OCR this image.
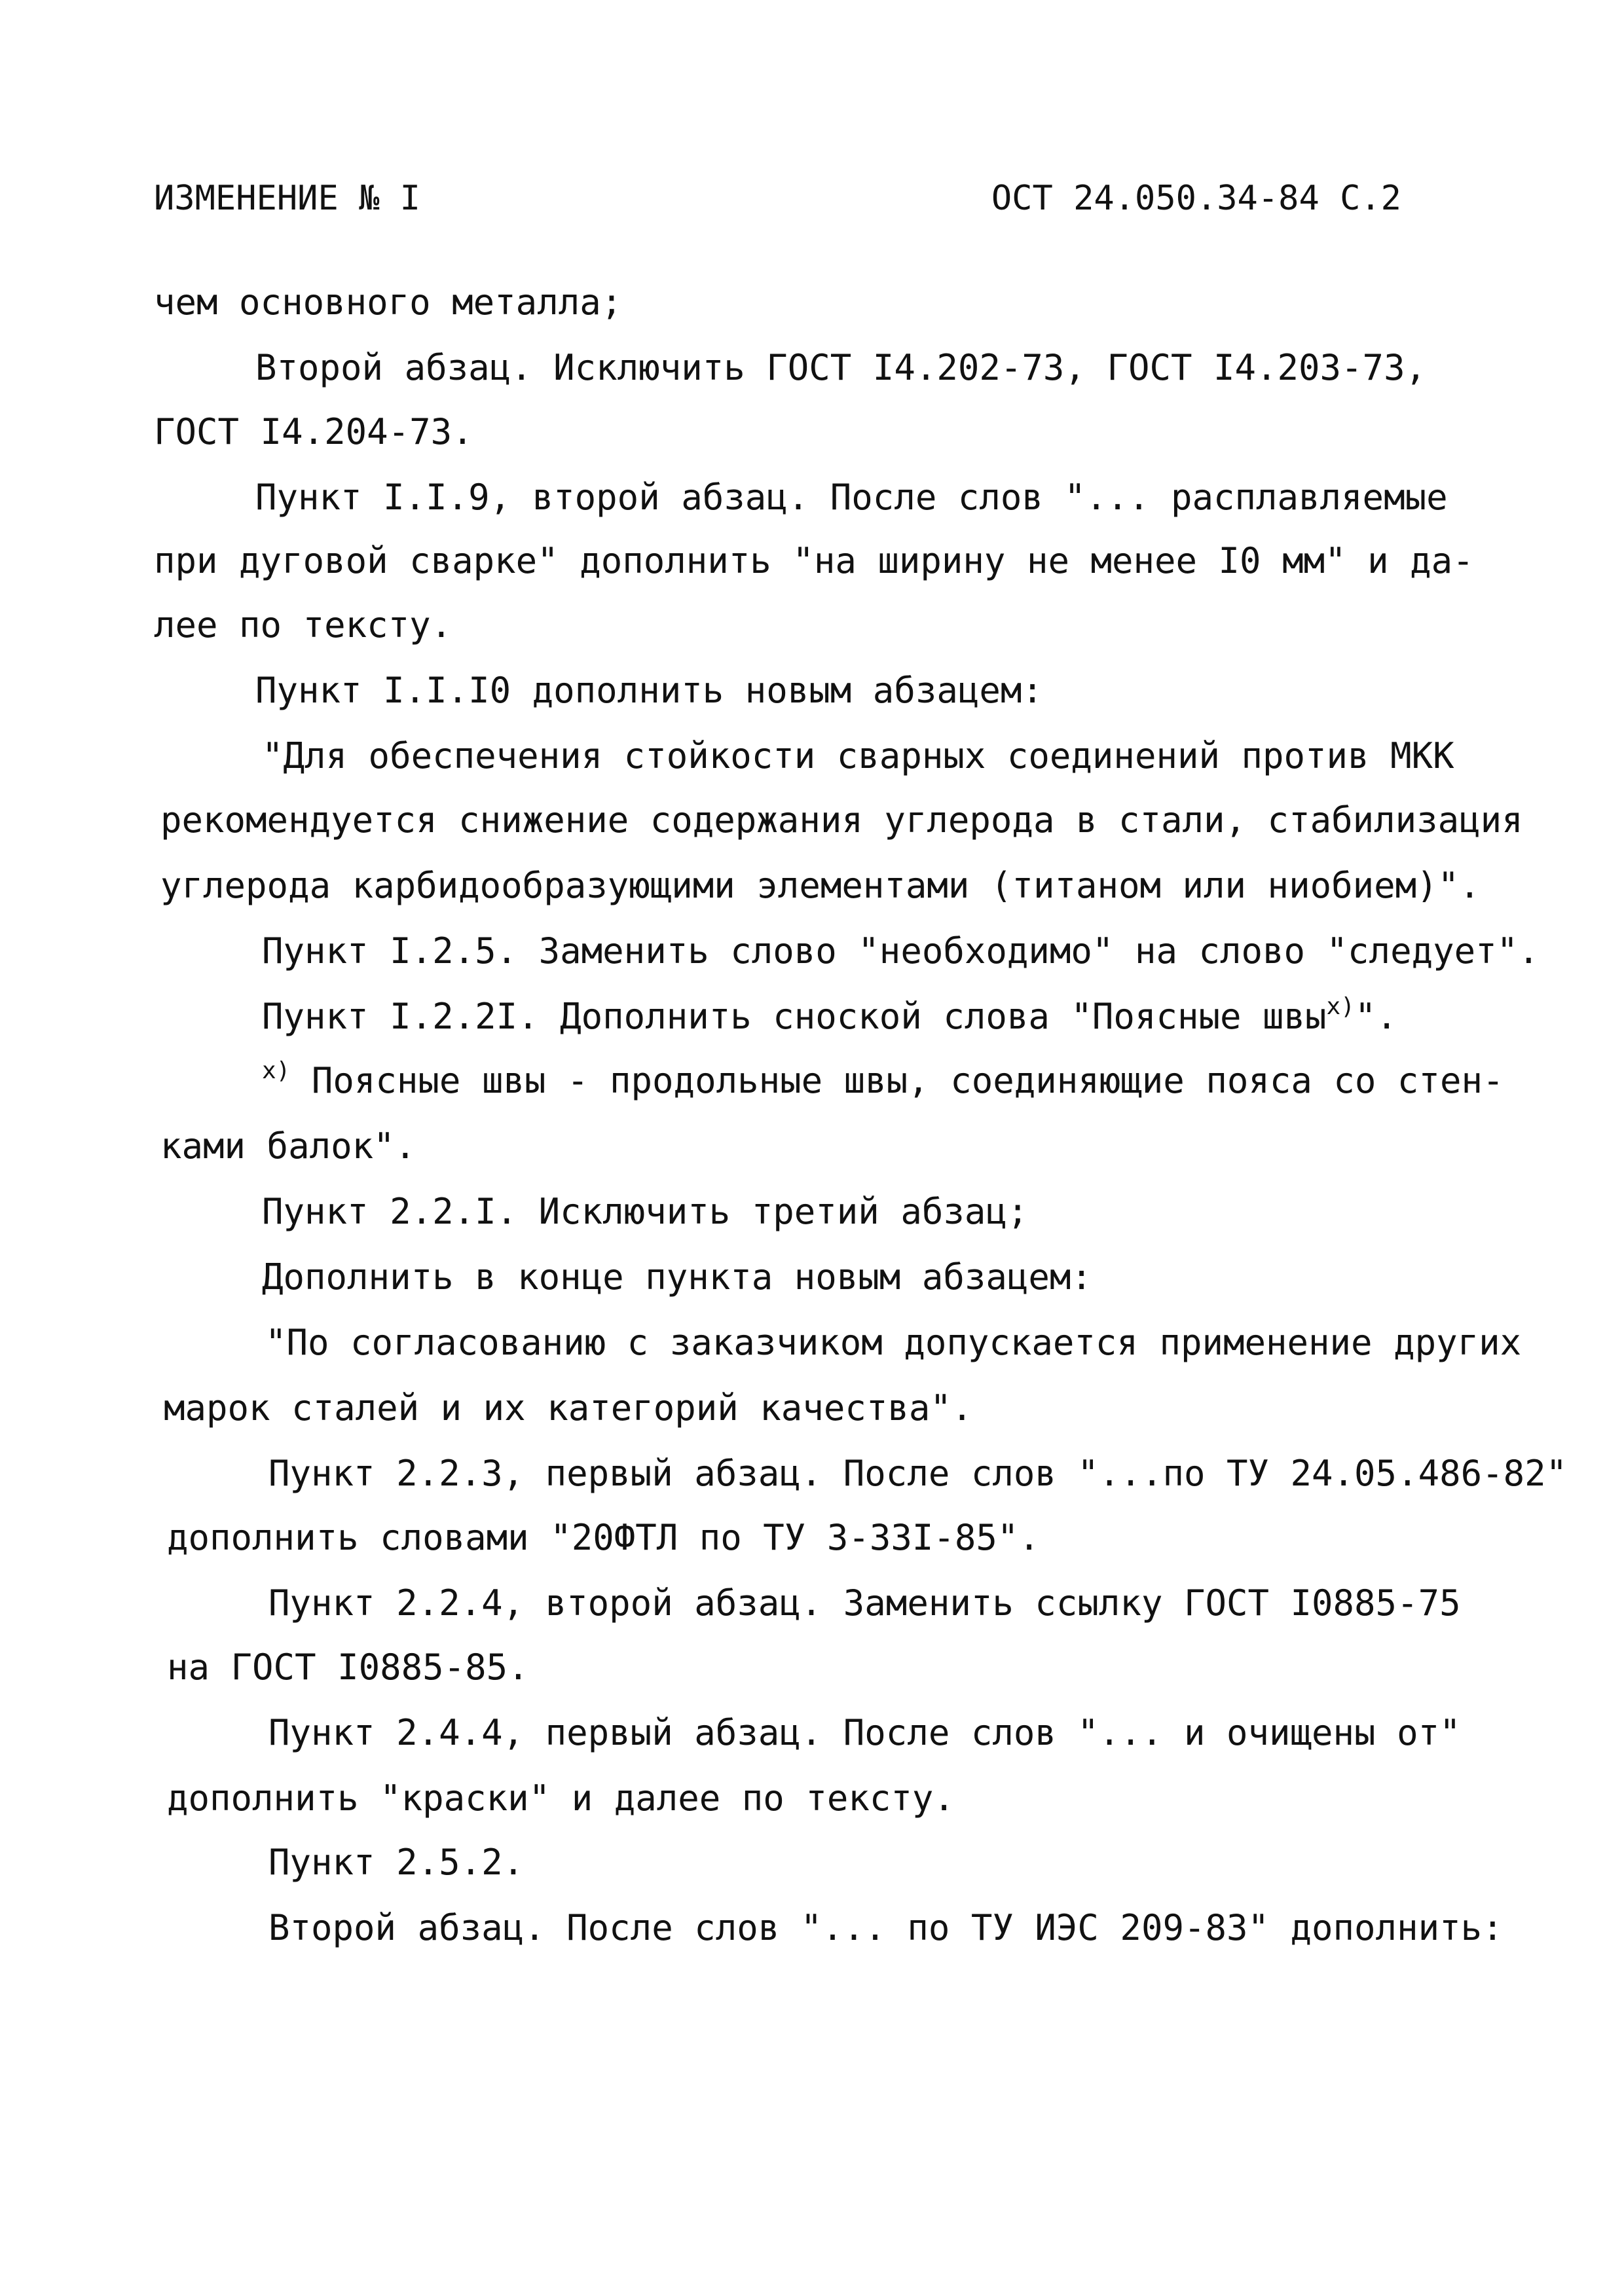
ИЗМЕНЕНИЕ № I	ОСТ 24.050.34-84 С.2
чем основного металла;
Второй абзац. Исключить ГОСТ I4.202-73, ГОСТ I4.203-73,
ГОСТ I4.204-73.
Пункт I.I.9, второй абзац. После слов "... расплавляемые
при дуговой сварке" дополнить "на ширину не менее I0 мм" и да-
лее по тексту.
Пункт I.I.I0 дополнить новым абзацем:
"Для обеспечения стойкости сварных соединений против МКК
рекомендуется снижение содержания углерода в стали, стабилизация
углерода карбидообразующими элементами (титаном или ниобием)".
Пункт I.2.5. Заменить слово "необходимо" на слово "следует".
Пункт I.2.2I. Дополнить сноской слова "Поясные швы$^{x)}$".
$^{x)}$ Поясные швы - продольные швы, соединяющие пояса со стен-
ками балок".
Пункт 2.2.I. Исключить третий абзац;
Дополнить в конце пункта новым абзацем:
"По согласованию с заказчиком допускается применение других
марок сталей и их категорий качества".
Пункт 2.2.3, первый абзац. После слов "...по ТУ 24.05.486-82"
дополнить словами "20ФТЛ по ТУ 3-33I-85".
Пункт 2.2.4, второй абзац. Заменить ссылку ГОСТ I0885-75
на ГОСТ I0885-85.
Пункт 2.4.4, первый абзац. После слов "... и очищены от"
дополнить "краски" и далее по тексту.
Пункт 2.5.2.
Второй абзац. После слов "... по ТУ ИЭС 209-83" дополнить:
